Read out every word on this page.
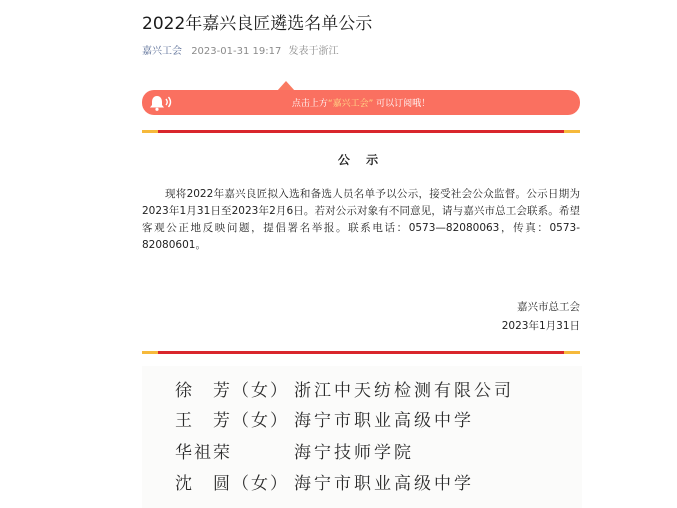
2022年嘉兴良匠遴选名单公示
嘉兴工会 2023-01-31 19:17 发表于浙江
点击上方“嘉兴工会” 可以订阅哦！
公 示
现将2022年嘉兴良匠拟入选和备选人员名单予以公示，接受社会公众监督。公示日期为2023年1月31日至2023年2月6日。若对公示对象有不同意见，请与嘉兴市总工会联系。希望客观公正地反映问题，提倡署名举报。联系电话：0573—82080063，传真：0573-82080601。
嘉兴市总工会
2023年1月31日
徐　芳（女） 浙江中天纺检测有限公司
王　芳（女） 海宁市职业高级中学
华祖荣	海宁技师学院
沈　圆（女） 海宁市职业高级中学
